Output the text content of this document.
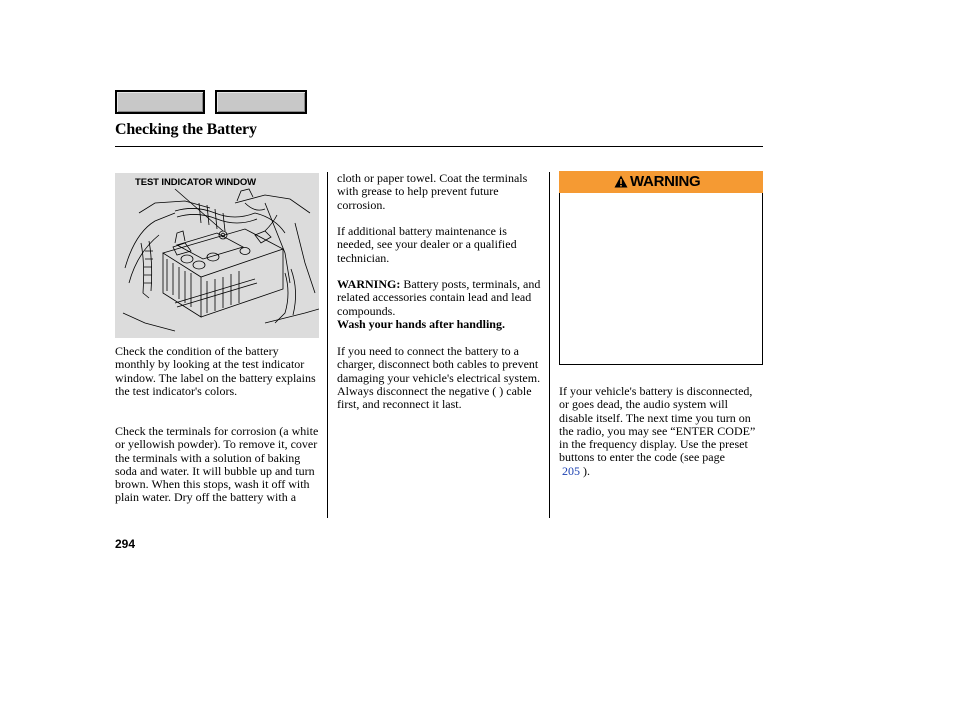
Checking the Battery
TEST INDICATOR WINDOW

Check the condition of the battery monthly by looking at the test indicator window. The label on the battery explains the test indicator's colors.

Check the terminals for corrosion (a white or yellowish powder). To remove it, cover the terminals with a solution of baking soda and water. It will bubble up and turn brown. When this stops, wash it off with plain water. Dry off the battery with a

cloth or paper towel. Coat the terminals with grease to help prevent future corrosion.

If additional battery maintenance is needed, see your dealer or a qualified technician.

WARNING: Battery posts, terminals, and related accessories contain lead and lead compounds.
Wash your hands after handling.

If you need to connect the battery to a charger, disconnect both cables to prevent damaging your vehicle's electrical system. Always disconnect the negative ( ) cable first, and reconnect it last.

WARNING

If your vehicle's battery is disconnected, or goes dead, the audio system will disable itself. The next time you turn on the radio, you may see “ENTER CODE” in the frequency display. Use the preset buttons to enter the code (see page
205 ).

294
